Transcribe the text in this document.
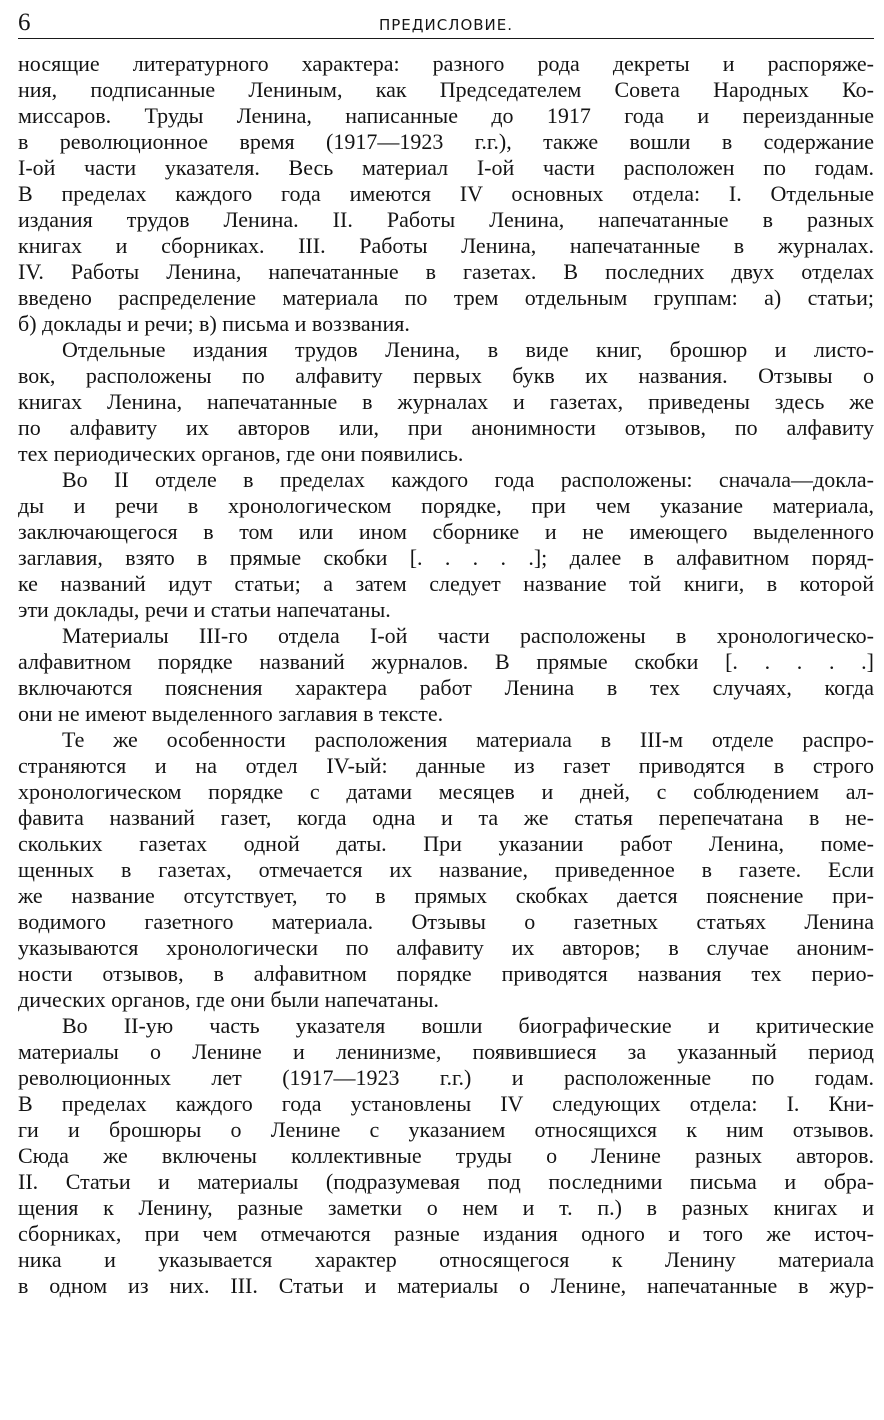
6	ПРЕДИСЛОВИЕ.

носящие литературного характера: разного рода декреты и распоряже-
ния, подписанные Лениным, как Председателем Совета Народных Ко-
миссаров. Труды Ленина, написанные до 1917 года и переизданные
в революционное время (1917—1923 г.г.), также вошли в содержание
I-ой части указателя. Весь материал I-ой части расположен по годам.
В пределах каждого года имеются IV основных отдела: I. Отдельные
издания трудов Ленина. II. Работы Ленина, напечатанные в разных
книгах и сборниках. III. Работы Ленина, напечатанные в журналах.
IV. Работы Ленина, напечатанные в газетах. В последних двух отделах
введено распределение материала по трем отдельным группам: а) статьи;
б) доклады и речи; в) письма и воззвания.

Отдельные издания трудов Ленина, в виде книг, брошюр и листо-
вок, расположены по алфавиту первых букв их названия. Отзывы о
книгах Ленина, напечатанные в журналах и газетах, приведены здесь же
по алфавиту их авторов или, при анонимности отзывов, по алфавиту
тех периодических органов, где они появились.

Во II отделе в пределах каждого года расположены: сначала—доклa-
ды и речи в хронологическом порядке, при чем указание материала,
заключающегося в том или ином сборнике и не имеющего выделенного
заглавия, взято в прямые скобки [. . . . .]; далее в алфавитном поряд-
ке названий идут статьи; а затем следует название той книги, в которой
эти доклады, речи и статьи напечатаны.

Материалы III-го отдела I-ой части расположены в хронологическо-
алфавитном порядке названий журналов. В прямые скобки [. . . . .]
включаются пояснения характера работ Ленина в тех случаях, когда
они не имеют выделенного заглавия в тексте.

Те же особенности расположения материала в III-м отделе распро-
страняются и на отдел IV-ый: данные из газет приводятся в строго
хронологическом порядке с датами месяцев и дней, с соблюдением ал-
фавита названий газет, когда одна и та же статья перепечатана в не-
скольких газетах одной даты. При указании работ Ленина, поме-
щенных в газетах, отмечается их название, приведенное в газете. Если
же название отсутствует, то в прямых скобках дается пояснение при-
водимого газетного материала. Отзывы о газетных статьях Ленина
указываются хронологически по алфавиту их авторов; в случае аноним-
ности отзывов, в алфавитном порядке приводятся названия тех перио-
дических органов, где они были напечатаны.

Во II-ую часть указателя вошли биографические и критические
материалы о Ленине и ленинизме, появившиеся за указанный период
революционных лет (1917—1923 г.г.) и расположенные по годам.
В пределах каждого года установлены IV следующих отдела: I. Кни-
ги и брошюры о Ленине с указанием относящихся к ним отзывов.
Сюда же включены коллективные труды о Ленине разных авторов.
II. Статьи и материалы (подразумевая под последними письма и обра-
щения к Ленину, разные заметки о нем и т. п.) в разных книгах и
сборниках, при чем отмечаются разные издания одного и того же источ-
ника и указывается характер относящегося к Ленину материала
в одном из них. III. Статьи и материалы о Ленине, напечатанные в жур-
